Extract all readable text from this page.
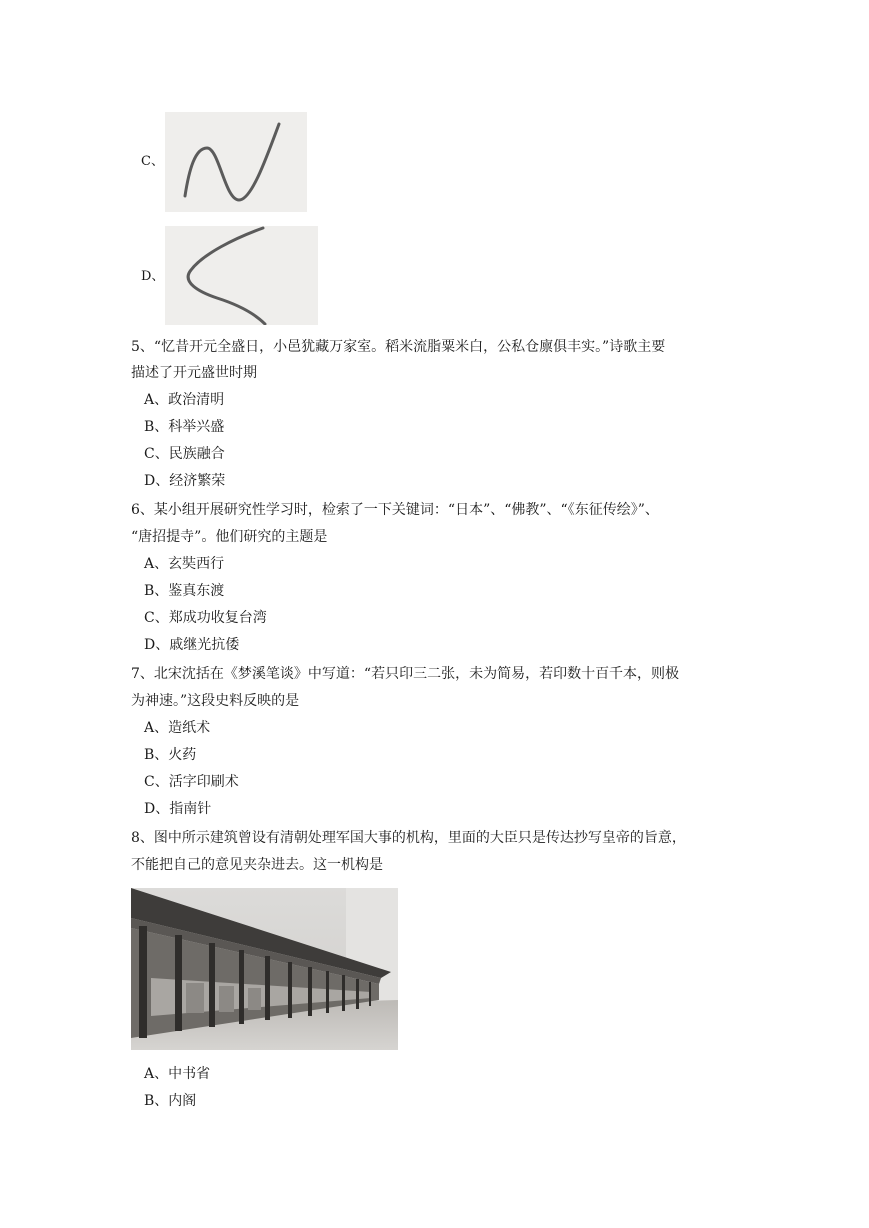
C、
D、
5、“忆昔开元全盛日，小邑犹藏万家室。稻米流脂粟米白，公私仓廪俱丰实。”诗歌主要
描述了开元盛世时期
A、政治清明
B、科举兴盛
C、民族融合
D、经济繁荣
6、某小组开展研究性学习时，检索了一下关键词：“日本”、“佛教”、“《东征传绘》”、
“唐招提寺”。他们研究的主题是
A、玄奘西行
B、鉴真东渡
C、郑成功收复台湾
D、戚继光抗倭
7、北宋沈括在《梦溪笔谈》中写道：“若只印三二张，未为简易，若印数十百千本，则极
为神速。”这段史料反映的是
A、造纸术
B、火药
C、活字印刷术
D、指南针
8、图中所示建筑曾设有清朝处理军国大事的机构，里面的大臣只是传达抄写皇帝的旨意，
不能把自己的意见夹杂进去。这一机构是
A、中书省
B、内阁
